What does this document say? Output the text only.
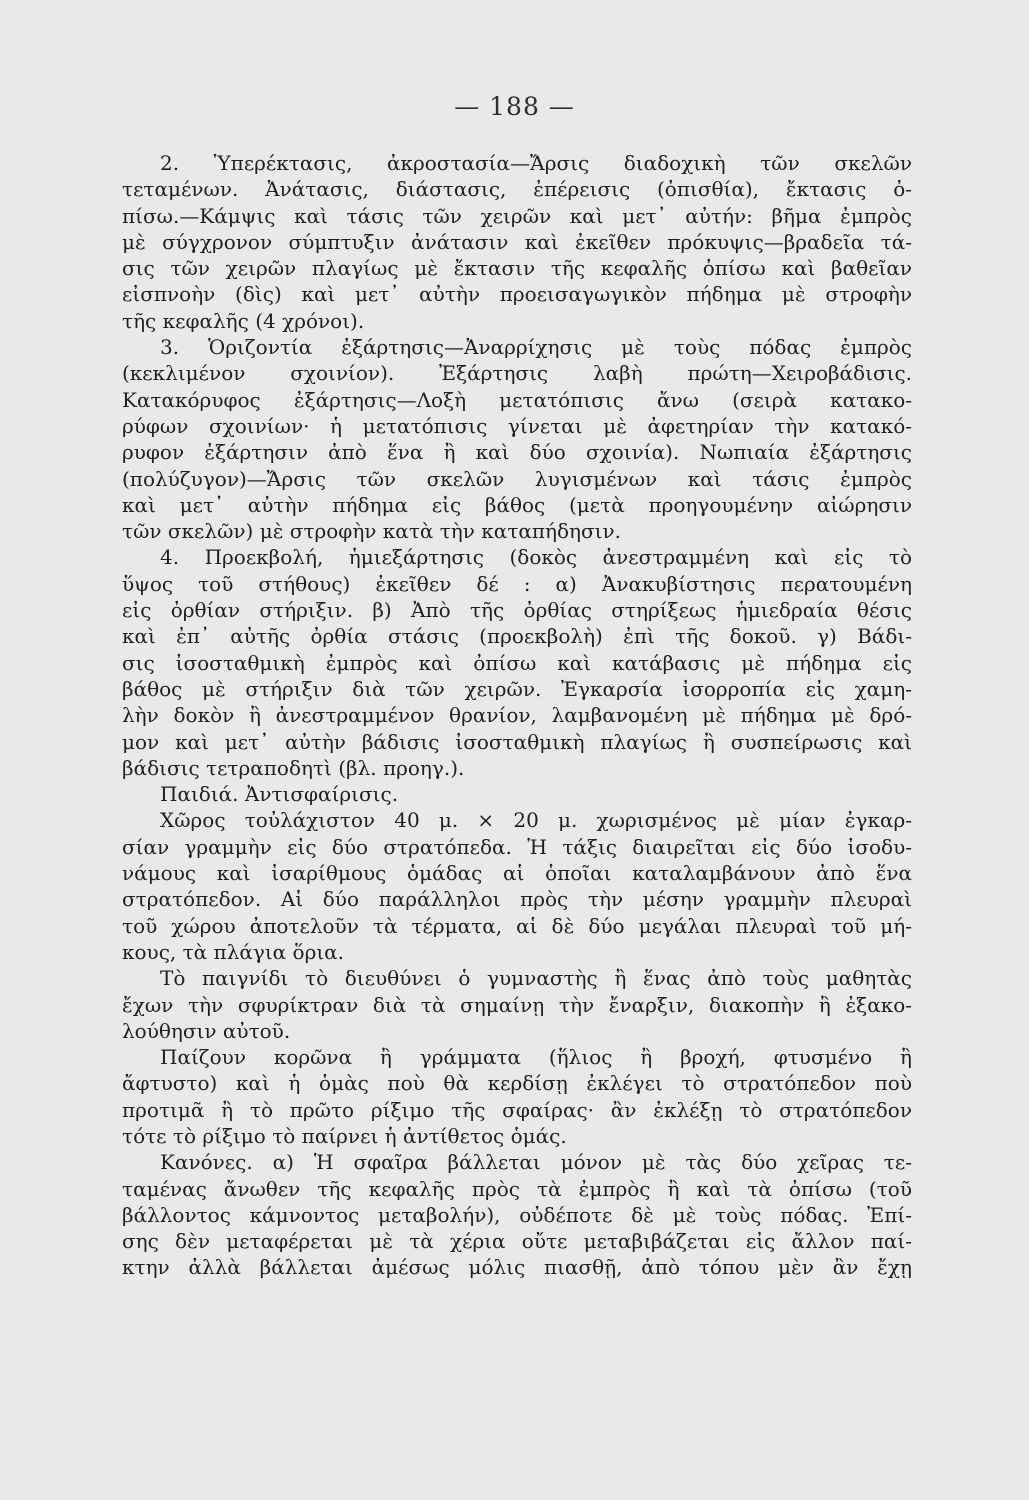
— 188 —
2. Ὑπερέκτασις, ἀκροστασία—Ἄρσις διαδοχικὴ τῶν σκελῶν
τεταμένων. Ἀνάτασις, διάστασις, ἐπέρεισις (ὀπισθία), ἔκτασις ὀ-
πίσω.—Κάμψις καὶ τάσις τῶν χειρῶν καὶ μετ᾽ αὐτήν: βῆμα ἐμπρὸς
μὲ σύγχρονον σύμπτυξιν ἀνάτασιν καὶ ἐκεῖθεν πρόκυψις—βραδεῖα τά-
σις τῶν χειρῶν πλαγίως μὲ ἔκτασιν τῆς κεφαλῆς ὀπίσω καὶ βαθεῖαν
εἰσπνοὴν (δὶς) καὶ μετ᾽ αὐτὴν προεισαγωγικὸν πήδημα μὲ στροφὴν
τῆς κεφαλῆς (4 χρόνοι).
3. Ὁριζοντία ἐξάρτησις—Ἀναρρίχησις μὲ τοὺς πόδας ἐμπρὸς
(κεκλιμένον σχοινίον). Ἐξάρτησις λαβὴ πρώτη—Χειροβάδισις.
Κατακόρυφος ἐξάρτησις—Λοξὴ μετατόπισις ἄνω (σειρὰ κατακο-
ρύφων σχοινίων· ἡ μετατόπισις γίνεται μὲ ἀφετηρίαν τὴν κατακό-
ρυφον ἐξάρτησιν ἀπὸ ἕνα ἢ καὶ δύο σχοινία). Νωπιαία ἐξάρτησις
(πολύζυγον)—Ἄρσις τῶν σκελῶν λυγισμένων καὶ τάσις ἐμπρὸς
καὶ μετ᾽ αὐτὴν πήδημα εἰς βάθος (μετὰ προηγουμένην αἰώρησιν
τῶν σκελῶν) μὲ στροφὴν κατὰ τὴν καταπήδησιν.
4. Προεκβολή, ἡμιεξάρτησις (δοκὸς ἀνεστραμμένη καὶ εἰς τὸ
ὕψος τοῦ στήθους) ἐκεῖθεν δέ : α) Ἀνακυβίστησις περατουμένη
εἰς ὀρθίαν στήριξιν. β) Ἀπὸ τῆς ὀρθίας στηρίξεως ἡμιεδραία θέσις
καὶ ἐπ᾽ αὐτῆς ὀρθία στάσις (προεκβολὴ) ἐπὶ τῆς δοκοῦ. γ) Βάδι-
σις ἰσοσταθμικὴ ἐμπρὸς καὶ ὀπίσω καὶ κατάβασις μὲ πήδημα εἰς
βάθος μὲ στήριξιν διὰ τῶν χειρῶν. Ἐγκαρσία ἰσορροπία εἰς χαμη-
λὴν δοκὸν ἢ ἀνεστραμμένον θρανίον, λαμβανομένη μὲ πήδημα μὲ δρό-
μον καὶ μετ᾽ αὐτὴν βάδισις ἰσοσταθμικὴ πλαγίως ἢ συσπείρωσις καὶ
βάδισις τετραποδητὶ (βλ. προηγ.).
Παιδιά. Ἀντισφαίρισις.
Χῶρος τοὐλάχιστον 40 μ. × 20 μ. χωρισμένος μὲ μίαν ἐγκαρ-
σίαν γραμμὴν εἰς δύο στρατόπεδα. Ἡ τάξις διαιρεῖται εἰς δύο ἰσοδυ-
νάμους καὶ ἰσαρίθμους ὁμάδας αἱ ὁποῖαι καταλαμβάνουν ἀπὸ ἕνα
στρατόπεδον. Αἱ δύο παράλληλοι πρὸς τὴν μέσην γραμμὴν πλευραὶ
τοῦ χώρου ἀποτελοῦν τὰ τέρματα, αἱ δὲ δύο μεγάλαι πλευραὶ τοῦ μή-
κους, τὰ πλάγια ὅρια.
Τὸ παιγνίδι τὸ διευθύνει ὁ γυμναστὴς ἢ ἕνας ἀπὸ τοὺς μαθητὰς
ἔχων τὴν σφυρίκτραν διὰ τὰ σημαίνῃ τὴν ἔναρξιν, διακοπὴν ἢ ἐξακο-
λούθησιν αὐτοῦ.
Παίζουν κορῶνα ἢ γράμματα (ἥλιος ἢ βροχή, φτυσμένο ἢ
ἄφτυστο) καὶ ἡ ὁμὰς ποὺ θὰ κερδίσῃ ἐκλέγει τὸ στρατόπεδον ποὺ
προτιμᾶ ἢ τὸ πρῶτο ρίξιμο τῆς σφαίρας· ἂν ἐκλέξῃ τὸ στρατόπεδον
τότε τὸ ρίξιμο τὸ παίρνει ἡ ἀντίθετος ὁμάς.
Κανόνες. α) Ἡ σφαῖρα βάλλεται μόνον μὲ τὰς δύο χεῖρας τε-
ταμένας ἄνωθεν τῆς κεφαλῆς πρὸς τὰ ἐμπρὸς ἢ καὶ τὰ ὀπίσω (τοῦ
βάλλοντος κάμνοντος μεταβολήν), οὐδέποτε δὲ μὲ τοὺς πόδας. Ἐπί-
σης δὲν μεταφέρεται μὲ τὰ χέρια οὔτε μεταβιβάζεται εἰς ἄλλον παί-
κτην ἀλλὰ βάλλεται ἀμέσως μόλις πιασθῇ, ἀπὸ τόπου μὲν ἂν ἔχῃ
